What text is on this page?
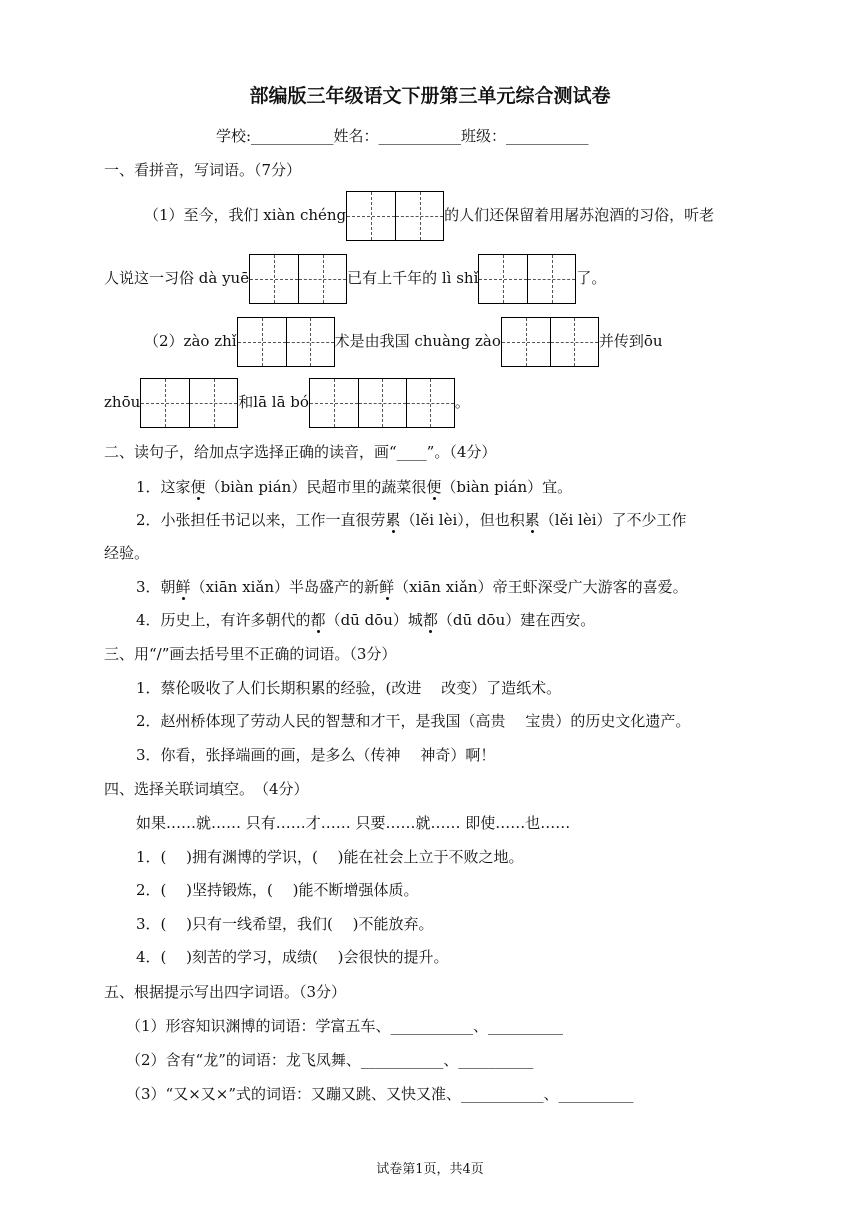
部编版三年级语文下册第三单元综合测试卷
学校:___________姓名：___________班级：___________
一、看拼音，写词语。（7分）
（1）至今，我们 xiàn chéng	的人们还保留着用屠苏泡酒的习俗，听老
人说这一习俗 dà yuē	已有上千年的 lì shǐ	了。
（2）zào zhǐ	术是由我国 chuàng zào	并传到ōu
zhōu	和lā lā bó	。
二、读句子，给加点字选择正确的读音，画“____”。（4分）
1．这家便（biàn pián）民超市里的蔬菜很便（biàn pián）宜。
2．小张担任书记以来，工作一直很劳累（lěi lèi），但也积累（lěi lèi）了不少工作
经验。
3．朝鲜（xiān xiǎn）半岛盛产的新鲜（xiān xiǎn）帝王虾深受广大游客的喜爱。
4．历史上，有许多朝代的都（dū dōu）城都（dū dōu）建在西安。
三、用“/”画去括号里不正确的词语。（3分）
1．蔡伦吸收了人们长期积累的经验，(改进　 改变）了造纸术。
2．赵州桥体现了劳动人民的智慧和才干，是我国（高贵　 宝贵）的历史文化遗产。
3．你看，张择端画的画，是多么（传神　 神奇）啊！
四、选择关联词填空。　（4分）
如果……就…… 只有……才…… 只要……就…… 即使……也……
1．(　 )拥有渊博的学识，(　 )能在社会上立于不败之地。
2．(　 )坚持锻炼，(　 )能不断增强体质。
3．(　 )只有一线希望，我们(　 )不能放弃。
4．(　 )刻苦的学习，成绩(　 )会很快的提升。
五、根据提示写出四字词语。（3分）
（1）形容知识渊博的词语：学富五车、___________、__________
（2）含有“龙”的词语：龙飞凤舞、___________、__________
（3）“又×又×”式的词语：又蹦又跳、又快又准、___________、__________
试卷第1页，共4页
